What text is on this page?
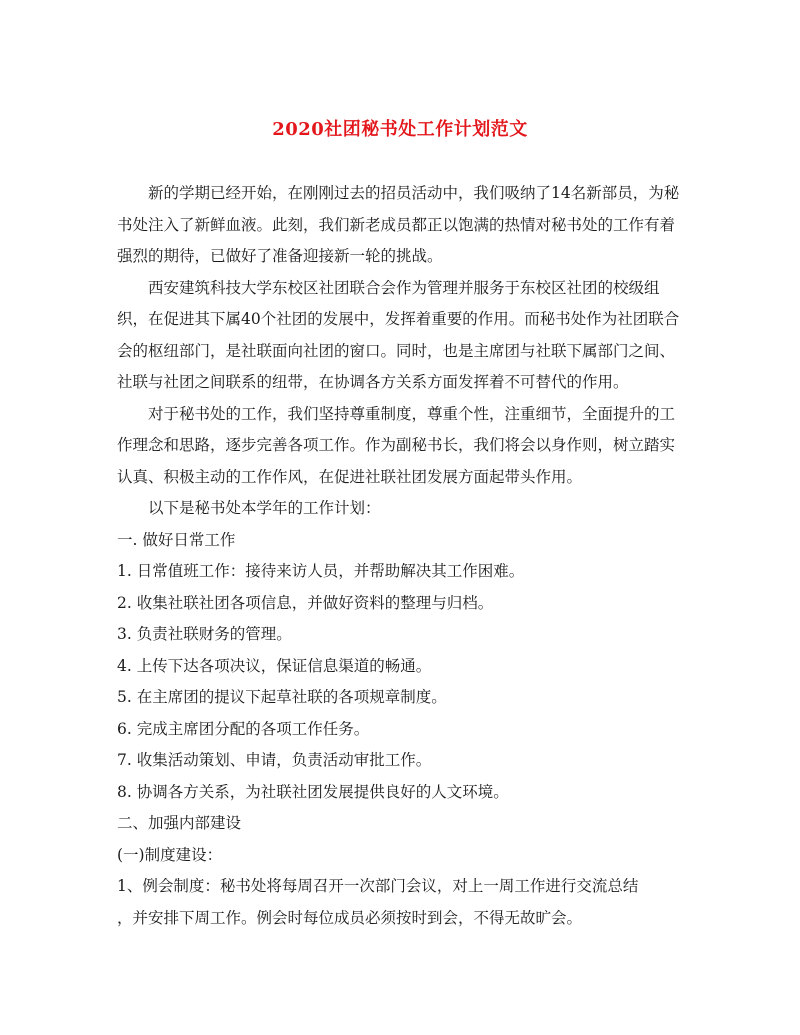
2020社团秘书处工作计划范文

新的学期已经开始，在刚刚过去的招员活动中，我们吸纳了14名新部员，为秘书处注入了新鲜血液。此刻，我们新老成员都正以饱满的热情对秘书处的工作有着强烈的期待，已做好了准备迎接新一轮的挑战。

西安建筑科技大学东校区社团联合会作为管理并服务于东校区社团的校级组织，在促进其下属40个社团的发展中，发挥着重要的作用。而秘书处作为社团联合会的枢纽部门，是社联面向社团的窗口。同时，也是主席团与社联下属部门之间、社联与社团之间联系的纽带，在协调各方关系方面发挥着不可替代的作用。

对于秘书处的工作，我们坚持尊重制度，尊重个性，注重细节，全面提升的工作理念和思路，逐步完善各项工作。作为副秘书长，我们将会以身作则，树立踏实认真、积极主动的工作作风，在促进社联社团发展方面起带头作用。

以下是秘书处本学年的工作计划：

一. 做好日常工作

1. 日常值班工作：接待来访人员，并帮助解决其工作困难。

2. 收集社联社团各项信息，并做好资料的整理与归档。

3. 负责社联财务的管理。

4. 上传下达各项决议，保证信息渠道的畅通。

5. 在主席团的提议下起草社联的各项规章制度。

6. 完成主席团分配的各项工作任务。

7. 收集活动策划、申请，负责活动审批工作。

8. 协调各方关系，为社联社团发展提供良好的人文环境。

二、加强内部建设

(一)制度建设：

1、例会制度：秘书处将每周召开一次部门会议，对上一周工作进行交流总结

，并安排下周工作。例会时每位成员必须按时到会，不得无故旷会。
